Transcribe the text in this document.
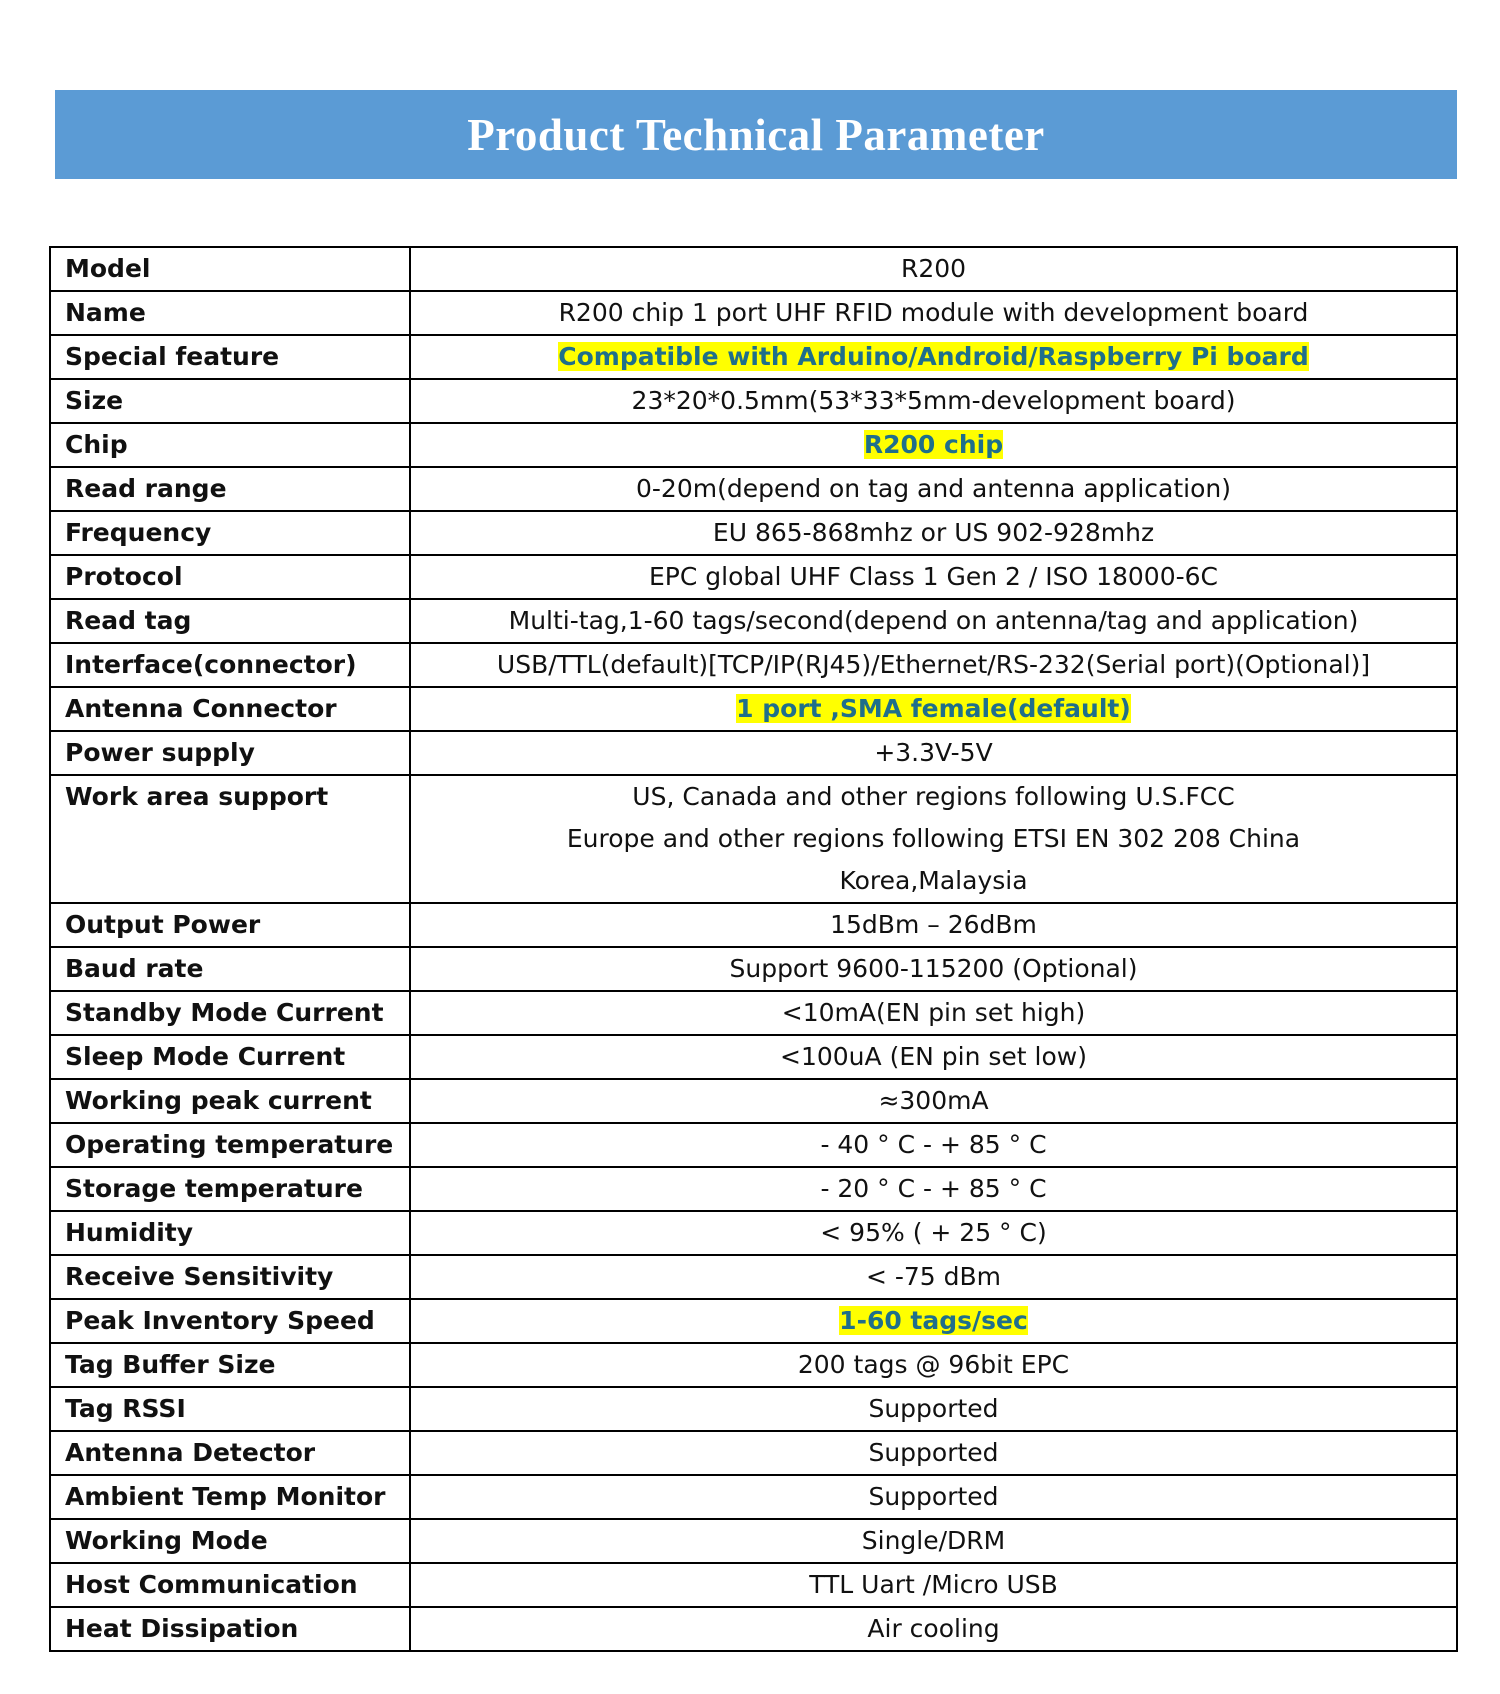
Product Technical Parameter
Model	R200

Name	R200 chip 1 port UHF RFID module with development board

Special feature	Compatible with Arduino/Android/Raspberry Pi board

Size	23*20*0.5mm(53*33*5mm-development board)

Chip	R200 chip

Read range	0-20m(depend on tag and antenna application)

Frequency	EU 865-868mhz or US 902-928mhz

Protocol	EPC global UHF Class 1 Gen 2 / ISO 18000-6C

Read tag	Multi-tag,1-60 tags/second(depend on antenna/tag and application)

Interface(connector)	USB/TTL(default)[TCP/IP(RJ45)/Ethernet/RS-232(Serial port)(Optional)]

Antenna Connector	1 port ,SMA female(default)

Power supply	+3.3V-5V

Work area support	US, Canada and other regions following U.S.FCC
Europe and other regions following ETSI EN 302 208 China
Korea,Malaysia

Output Power	15dBm – 26dBm

Baud rate	Support 9600-115200 (Optional)

Standby Mode Current	<10mA(EN pin set high)

Sleep Mode Current	<100uA (EN pin set low)

Working peak current	≈300mA

Operating temperature	- 40 ° C - + 85 ° C

Storage temperature	- 20 ° C - + 85 ° C

Humidity	< 95% ( + 25 ° C)

Receive Sensitivity	< -75 dBm

Peak Inventory Speed	1-60 tags/sec

Tag Buffer Size	200 tags @ 96bit EPC

Tag RSSI	Supported

Antenna Detector	Supported

Ambient Temp Monitor	Supported

Working Mode	Single/DRM

Host Communication	TTL Uart /Micro USB

Heat Dissipation	Air cooling
